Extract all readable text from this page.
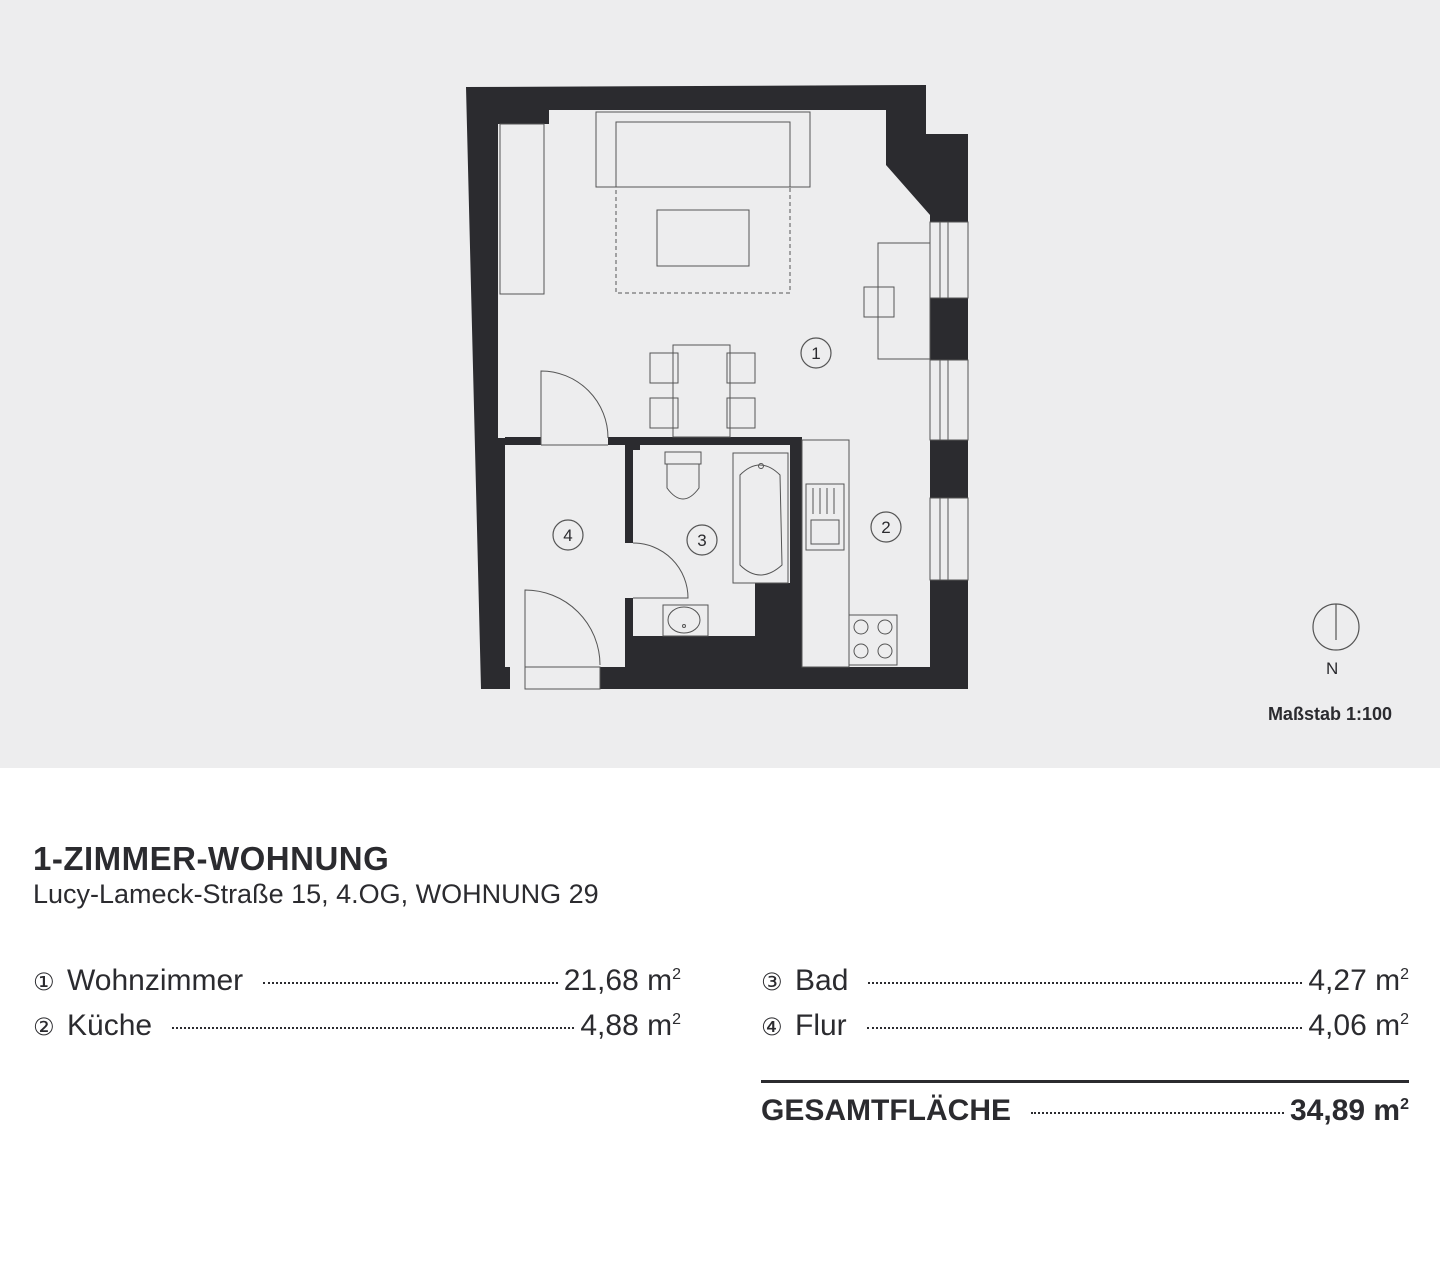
1
2
3
4
N
Maßstab 1:100
1-ZIMMER-WOHNUNG
Lucy-Lameck-Straße 15, 4.OG, WOHNUNG 29
① Wohnzimmer	21,68 $m^2$
② Küche	4,88 $m^2$
③ Bad	4,27 $m^2$
④ Flur	4,06 $m^2$
GESAMTFLÄCHE	34,89 $m^2$
